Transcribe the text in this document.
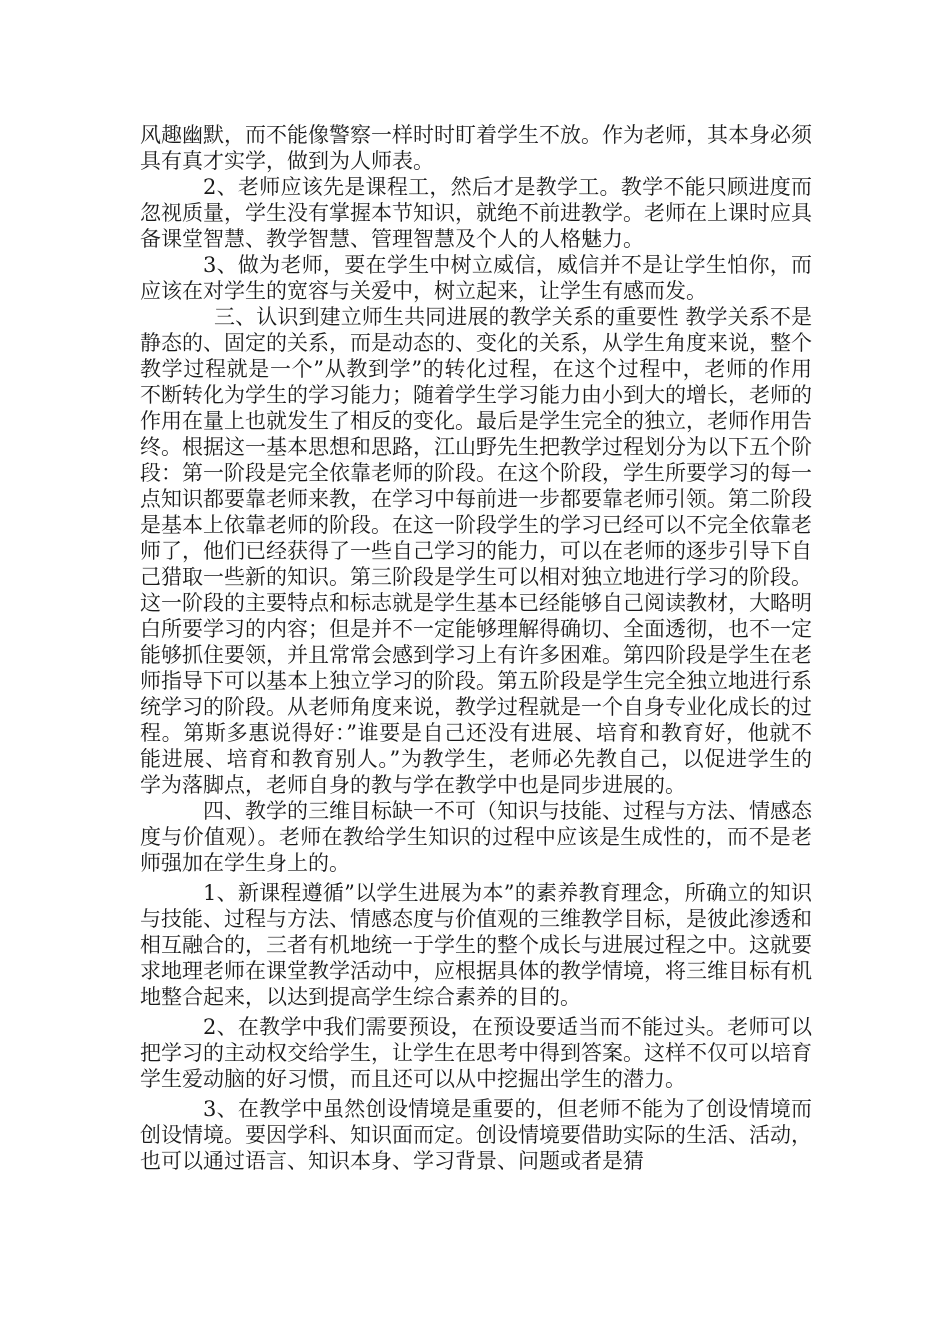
风趣幽默，而不能像警察一样时时盯着学生不放。作为老师，其本身必须具有真才实学，做到为人师表。

2、老师应该先是课程工，然后才是教学工。教学不能只顾进度而忽视质量，学生没有掌握本节知识，就绝不前进教学。老师在上课时应具备课堂智慧、教学智慧、管理智慧及个人的人格魅力。

3、做为老师，要在学生中树立威信，威信并不是让学生怕你，而应该在对学生的宽容与关爱中，树立起来，让学生有感而发。

三、认识到建立师生共同进展的教学关系的重要性 教学关系不是静态的、固定的关系，而是动态的、变化的关系，从学生角度来说，整个教学过程就是一个”从教到学”的转化过程，在这个过程中，老师的作用不断转化为学生的学习能力；随着学生学习能力由小到大的增长，老师的作用在量上也就发生了相反的变化。最后是学生完全的独立，老师作用告终。根据这一基本思想和思路，江山野先生把教学过程划分为以下五个阶段：第一阶段是完全依靠老师的阶段。在这个阶段，学生所要学习的每一点知识都要靠老师来教，在学习中每前进一步都要靠老师引领。第二阶段是基本上依靠老师的阶段。在这一阶段学生的学习已经可以不完全依靠老师了，他们已经获得了一些自己学习的能力，可以在老师的逐步引导下自己猎取一些新的知识。第三阶段是学生可以相对独立地进行学习的阶段。这一阶段的主要特点和标志就是学生基本已经能够自己阅读教材，大略明白所要学习的内容；但是并不一定能够理解得确切、全面透彻，也不一定能够抓住要领，并且常常会感到学习上有许多困难。第四阶段是学生在老师指导下可以基本上独立学习的阶段。第五阶段是学生完全独立地进行系统学习的阶段。从老师角度来说，教学过程就是一个自身专业化成长的过程。第斯多惠说得好：”谁要是自己还没有进展、培育和教育好，他就不能进展、培育和教育别人。”为教学生，老师必先教自己，以促进学生的学为落脚点，老师自身的教与学在教学中也是同步进展的。

四、教学的三维目标缺一不可（知识与技能、过程与方法、情感态度与价值观）。老师在教给学生知识的过程中应该是生成性的，而不是老师强加在学生身上的。

1、新课程遵循”以学生进展为本”的素养教育理念，所确立的知识与技能、过程与方法、情感态度与价值观的三维教学目标，是彼此渗透和相互融合的，三者有机地统一于学生的整个成长与进展过程之中。这就要求地理老师在课堂教学活动中，应根据具体的教学情境，将三维目标有机地整合起来，以达到提高学生综合素养的目的。

2、在教学中我们需要预设，在预设要适当而不能过头。老师可以把学习的主动权交给学生，让学生在思考中得到答案。这样不仅可以培育学生爱动脑的好习惯，而且还可以从中挖掘出学生的潜力。

3、在教学中虽然创设情境是重要的，但老师不能为了创设情境而创设情境。要因学科、知识面而定。创设情境要借助实际的生活、活动，也可以通过语言、知识本身、学习背景、问题或者是猜
